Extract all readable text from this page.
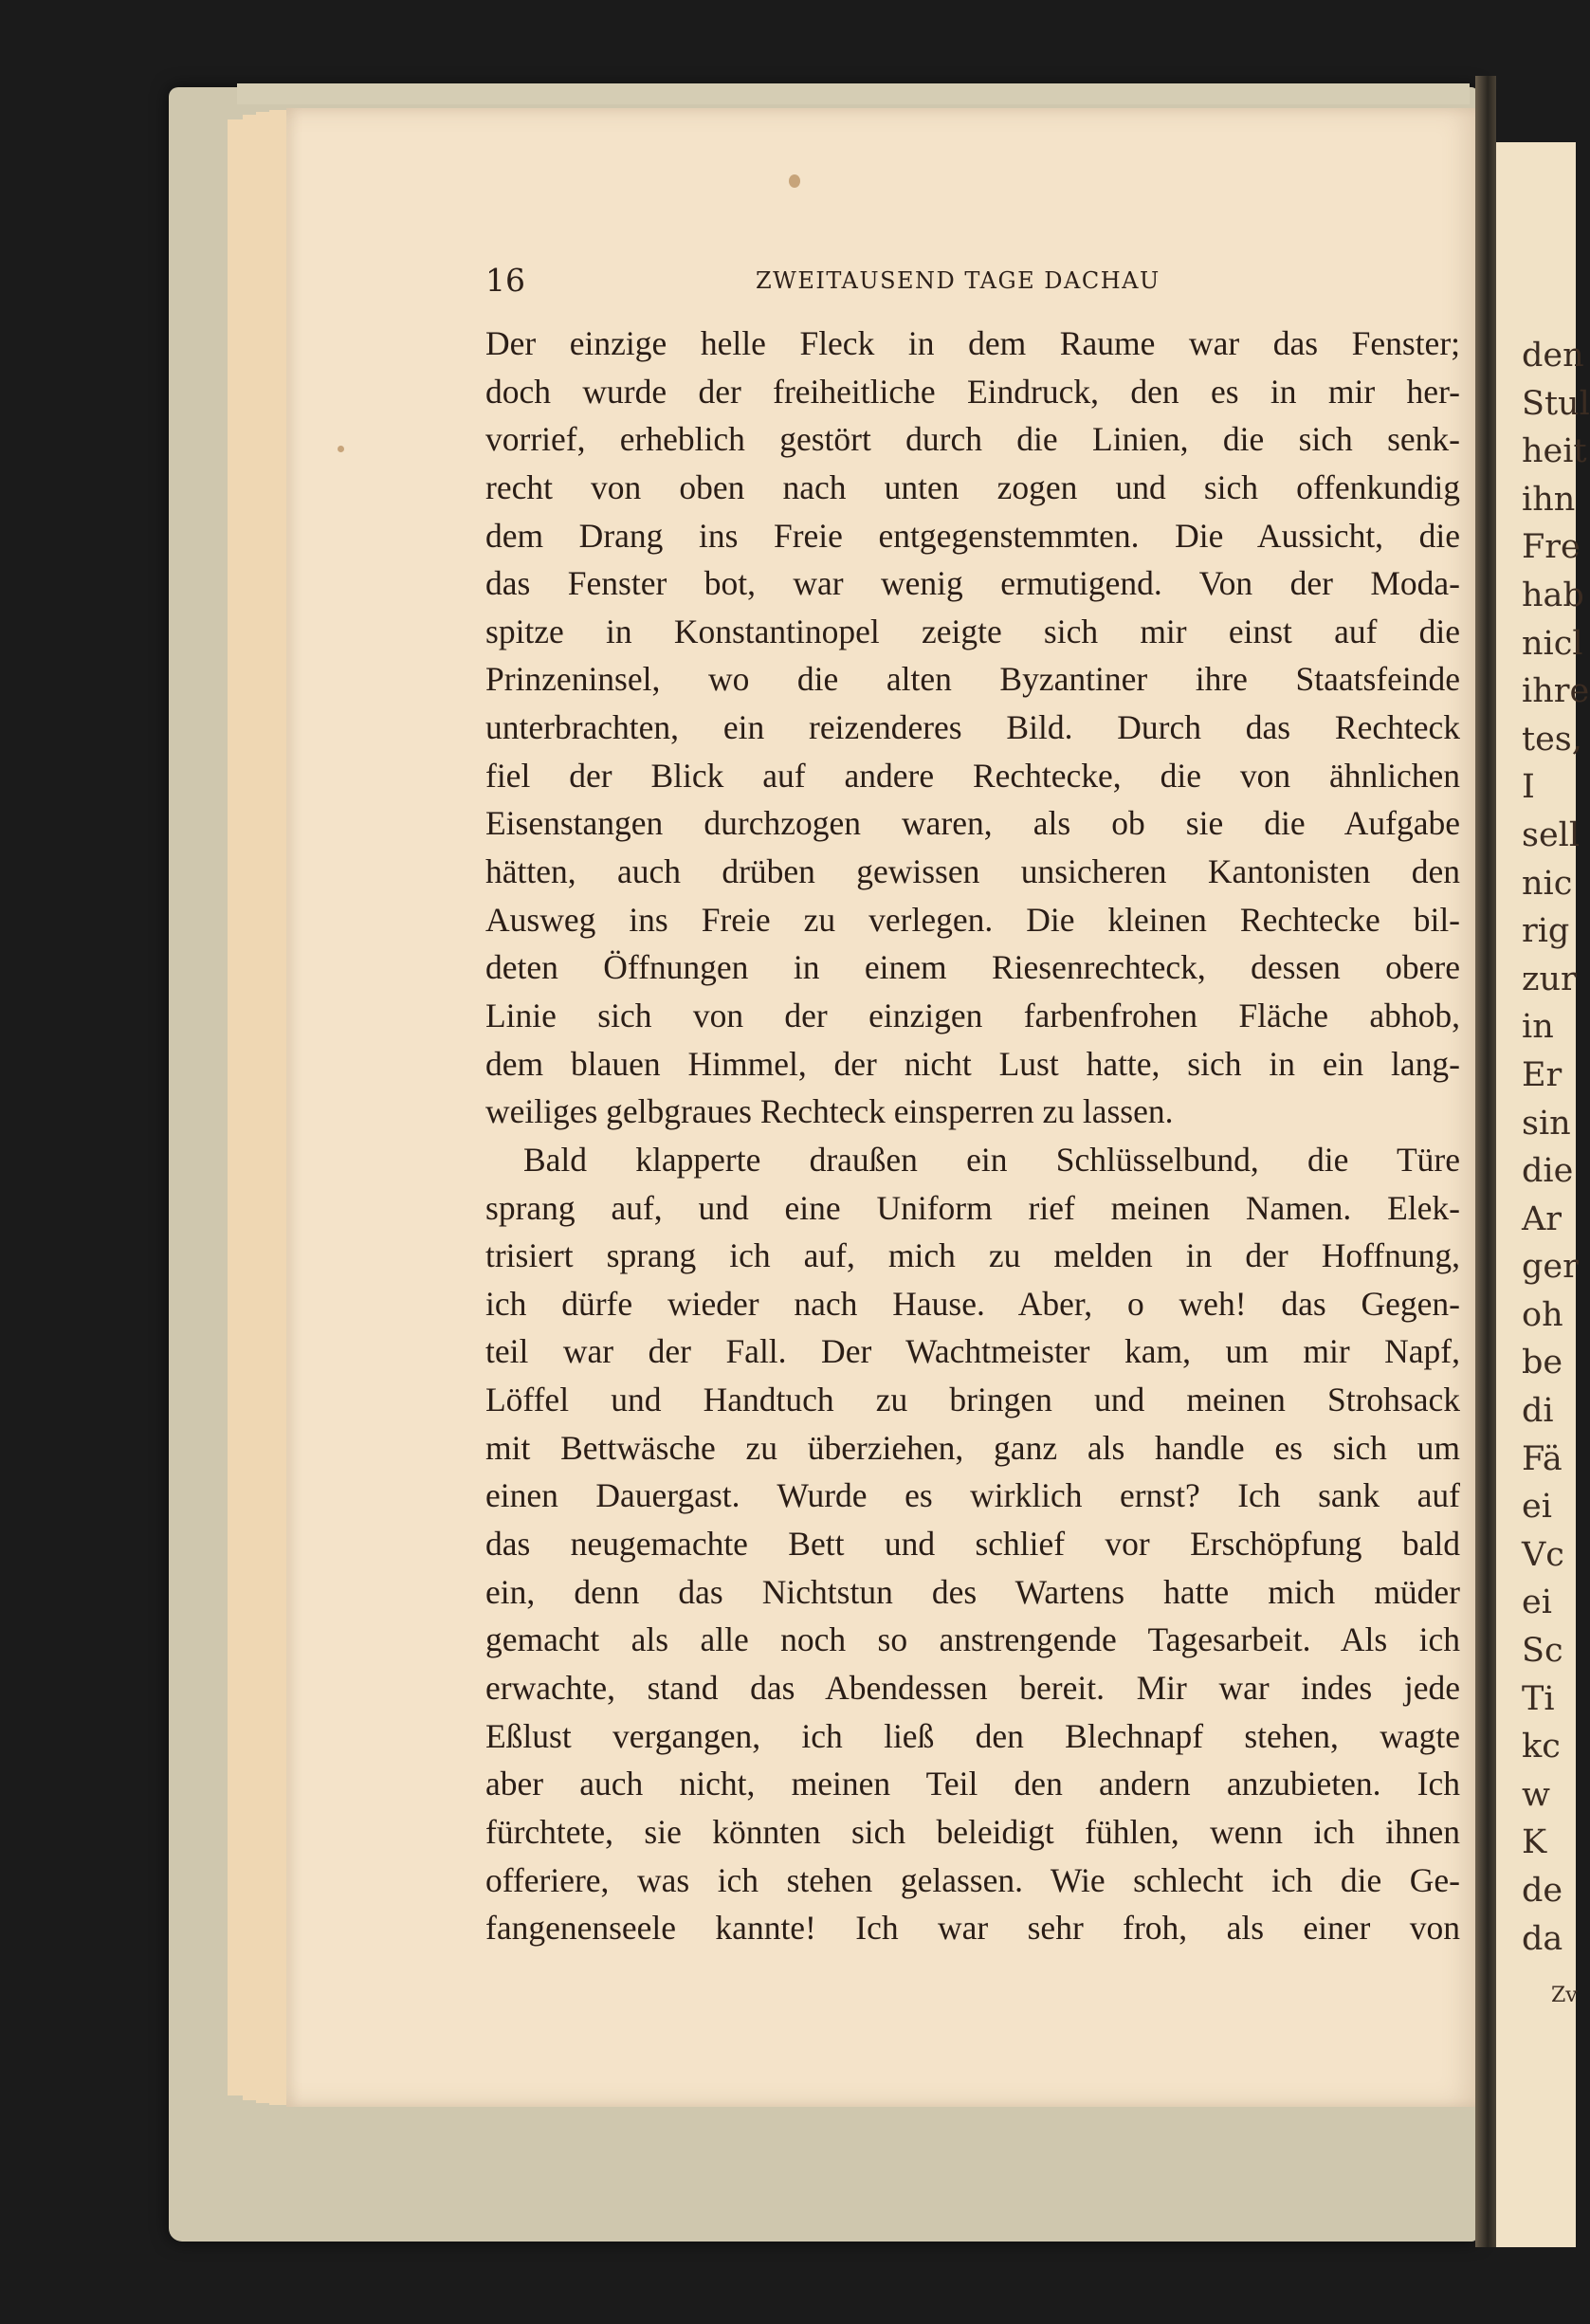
den
Stul
heit
ihn
Fre
hab
nicl
ihre
tes,
I
sell
nic
rig
zur
in
Er
sin
die
Ar
ger
oh
be
di
Fä
ei
Vc
ei
Sc
Ti
kc
w
K
de
da
Zv
16	ZWEITAUSEND TAGE DACHAU
Der einzige helle Fleck in dem Raume war das Fenster;
doch wurde der freiheitliche Eindruck, den es in mir her-
vorrief, erheblich gestört durch die Linien, die sich senk-
recht von oben nach unten zogen und sich offenkundig
dem Drang ins Freie entgegenstemmten. Die Aussicht, die
das Fenster bot, war wenig ermutigend. Von der Moda-
spitze in Konstantinopel zeigte sich mir einst auf die
Prinzeninsel, wo die alten Byzantiner ihre Staatsfeinde
unterbrachten, ein reizenderes Bild. Durch das Rechteck
fiel der Blick auf andere Rechtecke, die von ähnlichen
Eisenstangen durchzogen waren, als ob sie die Aufgabe
hätten, auch drüben gewissen unsicheren Kantonisten den
Ausweg ins Freie zu verlegen. Die kleinen Rechtecke bil-
deten Öffnungen in einem Riesenrechteck, dessen obere
Linie sich von der einzigen farbenfrohen Fläche abhob,
dem blauen Himmel, der nicht Lust hatte, sich in ein lang-
weiliges gelbgraues Rechteck einsperren zu lassen.
Bald klapperte draußen ein Schlüsselbund, die Türe
sprang auf, und eine Uniform rief meinen Namen. Elek-
trisiert sprang ich auf, mich zu melden in der Hoffnung,
ich dürfe wieder nach Hause. Aber, o weh! das Gegen-
teil war der Fall. Der Wachtmeister kam, um mir Napf,
Löffel und Handtuch zu bringen und meinen Strohsack
mit Bettwäsche zu überziehen, ganz als handle es sich um
einen Dauergast. Wurde es wirklich ernst? Ich sank auf
das neugemachte Bett und schlief vor Erschöpfung bald
ein, denn das Nichtstun des Wartens hatte mich müder
gemacht als alle noch so anstrengende Tagesarbeit. Als ich
erwachte, stand das Abendessen bereit. Mir war indes jede
Eßlust vergangen, ich ließ den Blechnapf stehen, wagte
aber auch nicht, meinen Teil den andern anzubieten. Ich
fürchtete, sie könnten sich beleidigt fühlen, wenn ich ihnen
offeriere, was ich stehen gelassen. Wie schlecht ich die Ge-
fangenenseele kannte! Ich war sehr froh, als einer von
